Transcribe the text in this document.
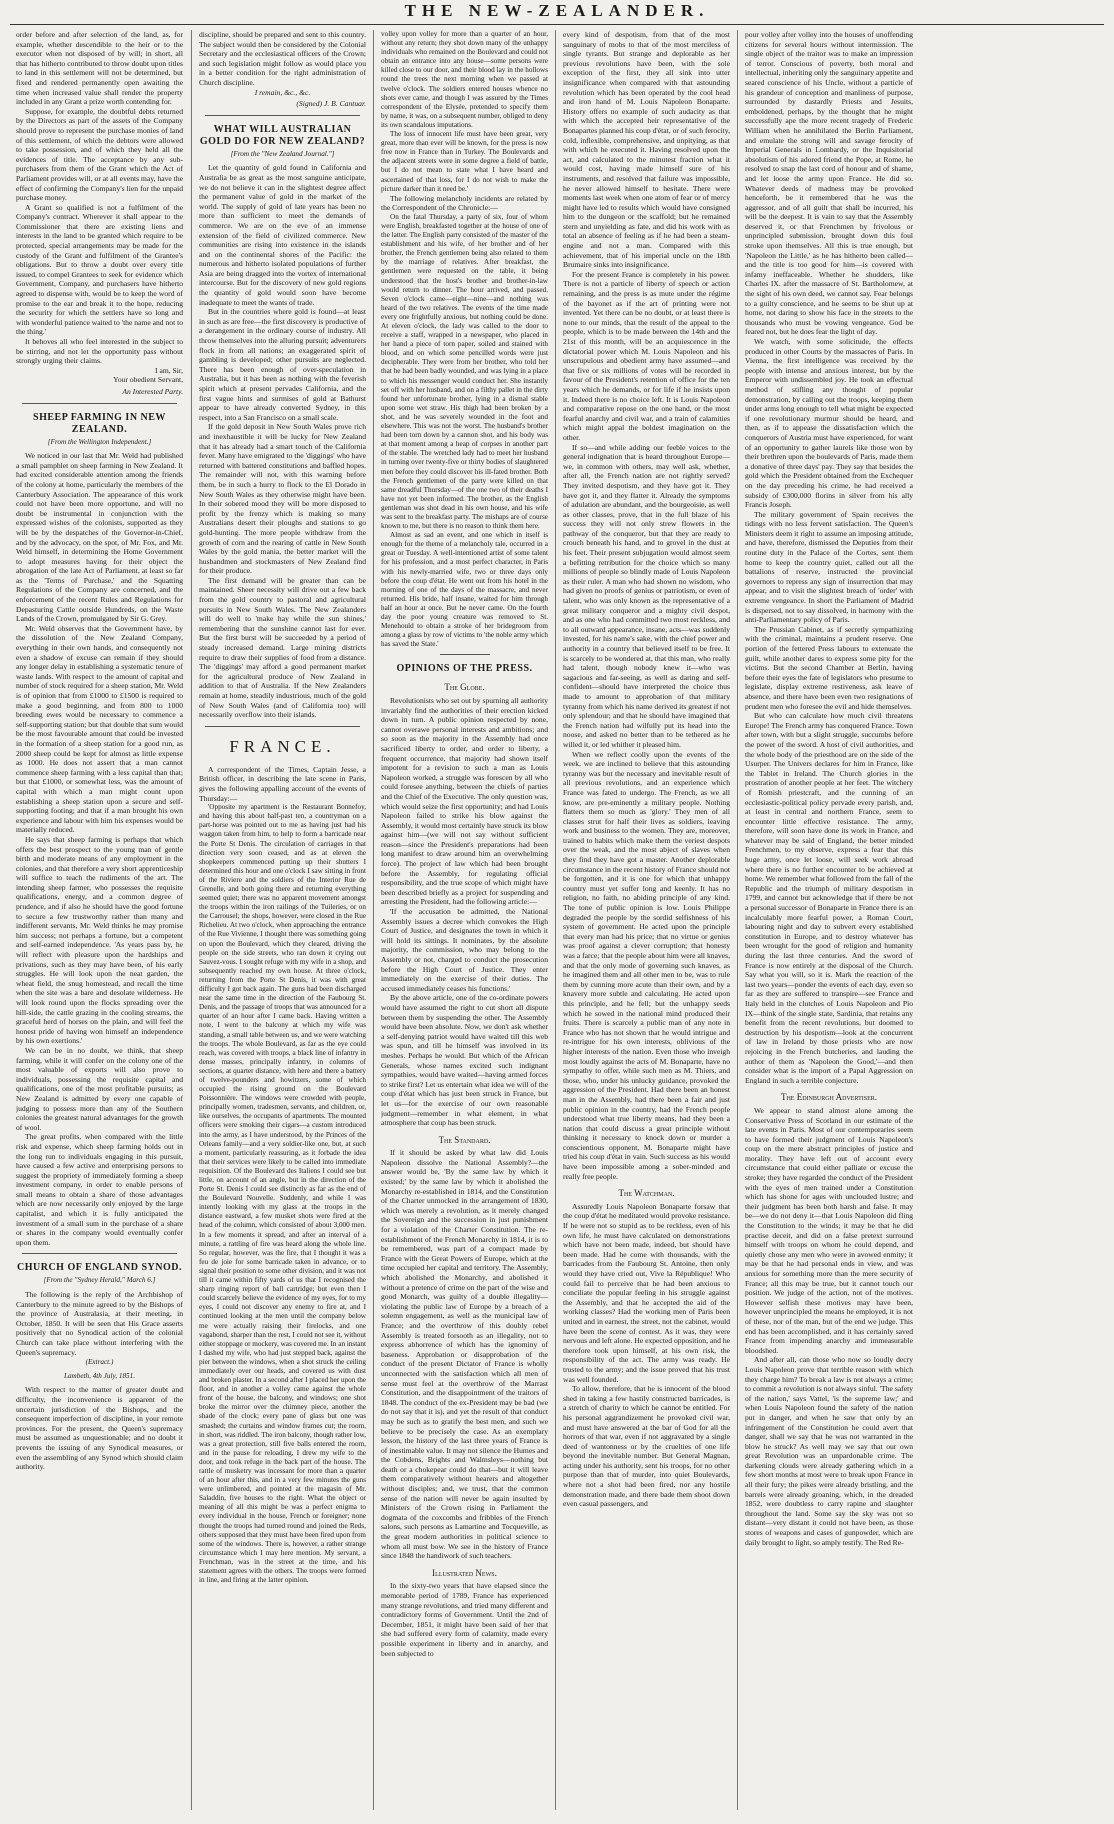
THE NEW-ZEALANDER.

order before and after selection of the land, as, for example, whether descendible to the heir or to the executor when not disposed of by will; in short, all that has hitherto contributed to throw doubt upon titles to land in this settlement will not be determined, but fixed and rendered permanently open awaiting the time when increased value shall render the property included in any Grant a prize worth contending for.

Suppose, for example, the doubtful debts returned by the Directors as part of the assets of the Company should prove to represent the purchase monies of land of this settlement, of which the debtors were allowed to take possession, and of which they held all the evidences of title. The acceptance by any sub-purchasers from them of the Grant which the Act of Parliament provides will, or at all events may, have the effect of confirming the Company's lien for the unpaid purchase money.

A Grant so qualified is not a fulfilment of the Company's contract. Wherever it shall appear to the Commissioner that there are existing liens and interests in the land to be granted which require to be protected, special arrangements may be made for the custody of the Grant and fulfilment of the Grantee's obligations. But to throw a doubt over every title issued, to compel Grantees to seek for evidence which Government, Company, and purchasers have hitherto agreed to dispense with, would be to keep the word of promise to the ear and break it to the hope, reducing the security for which the settlers have so long and with wonderful patience waited to 'the name and not to the thing.'

It behoves all who feel interested in the subject to be stirring, and not let the opportunity pass without strongly urging their claims.

I am, Sir,
Your obedient Servant,
An Interested Party.
SHEEP FARMING IN NEW ZEALAND.
[From the Wellington Independent.]

We noticed in our last that Mr. Weld had published a small pamphlet on sheep farming in New Zealand. It had excited considerable attention among the friends of the colony at home, particularly the members of the Canterbury Association. The appearance of this work could not have been more opportune, and will no doubt be instrumental in conjunction with the expressed wishes of the colonists, supported as they will be by the despatches of the Governor-in-Chief, and by the advocacy, on the spot, of Mr. Fox, and Mr. Weld himself, in determining the Home Government to adopt measures having for their object the abrogation of the late Act of Parliament, at least so far as the 'Terms of Purchase,' and the Squatting Regulations of the Company are concerned, and the enforcement of the recent Rules and Regulations for Depasturing Cattle outside Hundreds, on the Waste Lands of the Crown, promulgated by Sir G. Grey.

Mr. Weld observes that the Government have, by the dissolution of the New Zealand Company, everything in their own hands, and consequently not even a shadow of excuse can remain if they should any longer delay in establishing a systematic tenure of waste lands. With respect to the amount of capital and number of stock required for a sheep station, Mr. Weld is of opinion that from £1000 to £1500 is required to make a good beginning, and from 800 to 1000 breeding ewes would be necessary to commence a self-supporting station; but that double that sum would be the most favourable amount that could be invested in the formation of a sheep station for a good run, as 2000 sheep could be kept for almost as little expense as 1000. He does not assert that a man cannot commence sheep farming with a less capital than that; but that £1000, or somewhat less, was the amount of capital with which a man might count upon establishing a sheep station upon a secure and self-supporting footing; and that if a man brought his own experience and labour with him his expenses would be materially reduced.

He says that sheep farming is perhaps that which offers the best prospect to the young man of gentle birth and moderate means of any employment in the colonies, and that therefore a very short apprenticeship will suffice to teach the rudiments of the art. The intending sheep farmer, who possesses the requisite qualifications, energy, and a common degree of prudence, and if also he should have the good fortune to secure a few trustworthy rather than many and indifferent servants, Mr. Weld thinks he may promise him success; not perhaps a fortune, but a competent and self-earned independence. 'As years pass by, he will reflect with pleasure upon the hardships and privations, such as they may have been, of his early struggles. He will look upon the neat garden, the wheat field, the snug homestead, and recall the time when the site was a bare and desolate wilderness. He will look round upon the flocks spreading over the hill-side, the cattle grazing in the cooling streams, the graceful herd of horses on the plain, and will feel the honest pride of having won himself an independence by his own exertions.'

We can be in no doubt, we think, that sheep farming, while it will confer on the colony one of the most valuable of exports will also prove to individuals, possessing the requisite capital and qualifications, one of the most profitable pursuits; as New Zealand is admitted by every one capable of judging to possess more than any of the Southern colonies the greatest natural advantages for the growth of wool.

The great profits, when compared with the little risk and expense, which sheep farming holds out in the long run to individuals engaging in this pursuit, have caused a few active and enterprising persons to suggest the propriety of immediately forming a sheep investment company, in order to enable persons of small means to obtain a share of those advantages which are now necessarily only enjoyed by the large capitalist, and which it is fully anticipated the investment of a small sum in the purchase of a share or shares in the company would eventually confer upon them.

CHURCH OF ENGLAND SYNOD.
[From the "Sydney Herald," March 6.]

The following is the reply of the Archbishop of Canterbury to the minute agreed to by the Bishops of the province of Australasia, at their meeting, in October, 1850. It will be seen that His Grace asserts positively that no Synodical action of the colonial Church can take place without interfering with the Queen's supremacy.

(Extract.)
Lambeth, 4th July, 1851.

With respect to the matter of greater doubt and difficulty, the inconvenience is apparent of the uncertain jurisdiction of the Bishops, and the consequent imperfection of discipline, in your remote provinces. For the present, the Queen's supremacy must be assumed as unquestionable; and no doubt it prevents the issuing of any Synodical measures, or even the assembling of any Synod which should claim authority.

discipline, should be prepared and sent to this country. The subject would then be considered by the Colonial Secretary and the ecclesiastical officers of the Crown; and such legislation might follow as would place you in a better condition for the right administration of Church discipline.

I remain, &c., &c.
(Signed) J. B. Cantuar.
WHAT WILL AUSTRALIAN GOLD DO FOR NEW ZEALAND?
[From the "New Zealand Journal."]

Let the quantity of gold found in California and Australia be as great as the most sanguine anticipate, we do not believe it can in the slightest degree affect the permanent value of gold in the market of the world. The supply of gold of late years has been no more than sufficient to meet the demands of commerce. We are on the eve of an immense extension of the field of civilized commerce. New communities are rising into existence in the islands and on the continental shores of the Pacific: the numerous and hitherto isolated populations of further Asia are being dragged into the vortex of international intercourse. But for the discovery of new gold regions the quantity of gold would soon have become inadequate to meet the wants of trade.

But in the countries where gold is found—at least in such as are free—the first discovery is productive of a derangement in the ordinary course of industry. All throw themselves into the alluring pursuit; adventurers flock in from all nations; an exaggerated spirit of gambling is developed; other pursuits are neglected. There has been enough of over-speculation in Australia, but it has been as nothing with the feverish spirit which at present pervades California, and the first vague hints and surmises of gold at Bathurst appear to have already converted Sydney, in this respect, into a San Francisco on a small scale.

If the gold deposit in New South Wales prove rich and inexhaustible it will be lucky for New Zealand that it has already had a smart touch of the California fever. Many have emigrated to the 'diggings' who have returned with battered constitutions and baffled hopes. The remainder will not, with this warning before them, be in such a hurry to flock to the El Dorado in New South Wales as they otherwise might have been. In their sobered mood they will be more disposed to profit by the frenzy which is making so many Australians desert their ploughs and stations to go gold-hunting. The more people withdraw from the growth of corn and the rearing of cattle in New South Wales by the gold mania, the better market will the husbandmen and stockmasters of New Zealand find for their produce.

The first demand will be greater than can be maintained. Sheer necessity will drive out a few back from the gold country to pastoral and agricultural pursuits in New South Wales. The New Zealanders will do well to 'make hay while the sun shines,' remembering that the sunshine cannot last for ever. But the first burst will be succeeded by a period of steady increased demand. Large mining districts require to draw their supplies of food from a distance. The 'diggings' may afford a good permanent market for the agricultural produce of New Zealand in addition to that of Australia. If the New Zealanders remain at home, steadily industrious, much of the gold of New South Wales (and of California too) will necessarily overflow into their islands.

FRANCE.

A correspondent of the Times, Captain Jesse, a British officer, in describing the late scene in Paris, gives the following appalling account of the events of Thursday:—

'Opposite my apartment is the Restaurant Bonnefoy, and having this about half-past ten, a countryman on a part-horse was pointed out to me as having just had his waggon taken from him, to help to form a barricade near the Porte St Denis. The circulation of carriages in that direction very soon ceased, and as at eleven the shopkeepers commenced putting up their shutters I determined this hour and one o'clock I saw sitting in front of the Riviere and the soldiers of the Interior Rue de Grenelle, and both going there and returning everything seemed quiet; there was no apparent movement amongst the troops within the iron railings of the Tuileries, or on the Carrousel; the shops, however, were closed in the Rue Richelieu. At two o'clock, when approaching the entrance of the Rue Vivienne, I thought there was something going on upon the Boulevard, which they cleared, driving the people on the side streets, who ran down it crying out Sauvez-vous. I sought refuge with my wife in a shop, and subsequently reached my own house. At three o'clock, returning from the Porte St Denis, it was with great difficulty I got back again. The guns had been discharged near the same time in the direction of the Faubourg St. Denis, and the passage of troops that was announced for a quarter of an hour after I came back. Having written a note, I went to the balcony at which my wife was standing, a small table between us, and we were watching the troops. The whole Boulevard, as far as the eye could reach, was covered with troops, a black line of infantry in dense masses, principally infantry, in columns of sections, at quarter distance, with here and there a battery of twelve-pounders and howitzers, some of which occupied the rising ground on the Boulevard Poissonnière. The windows were crowded with people, principally women, tradesmen, servants, and children, or, like ourselves, the occupants of apartments. The mounted officers were smoking their cigars—a custom introduced into the army, as I have understood, by the Princes of the Orleans family—and a very soldier-like one, but, at such a moment, particularly reassuring, as it forbade the idea that their services were likely to be called into immediate requisition. Of the Boulevard des Italiens I could see but little, on account of an angle, but in the direction of the Porte St. Denis I could see distinctly as far as the end of the Boulevard Nouvelle. Suddenly, and while I was intently looking with my glass at the troops in the distance eastward, a few musket shots were fired at the head of the column, which consisted of about 3,000 men. In a few moments it spread, and after an interval of a minute, a rattling of fire was heard along the whole line. So regular, however, was the fire, that I thought it was a feu de joie for some barricade taken in advance, or to signal their position to some other division, and it was not till it came within fifty yards of us that I recognised the sharp ringing report of ball cartridge; but even then I could scarcely believe the evidence of my eyes, for to my eyes, I could not discover any enemy to fire at, and I continued looking at the men until the company below me were actually raising their firelocks, and one vagabond, sharper than the rest, I could not see it, without either stoppage or mockery, was covered me. In an instant I dashed my wife, who had just stepped back, against the pier between the windows, when a shot struck the ceiling immediately over our heads, and covered us with dust and broken plaster. In a second after I placed her upon the floor, and in another a volley came against the whole front of the house, the balcony, and windows; one shot broke the mirror over the chimney piece, another the shade of the clock; every pane of glass but one was smashed; the curtains and window frames cut; the room, in short, was riddled. The iron balcony, though rather low, was a great protection, still five balls entered the room, and in the pause for reloading, I drew my wife to the door, and took refuge in the back part of the house. The rattle of musketry was incessant for more than a quarter of an hour after this, and in a very few minutes the guns were unlimbered, and pointed at the magasin of Mr. Saladdin, five houses to the right. What the object or meaning of all this might be was a perfect enigma to every individual in the house, French or foreigner; none thought the troops had turned round and joined the Reds, others supposed that they must have been fired upon from some of the windows. There is, however, a rather strange circumstance which I may here mention. My servant, a Frenchman, was in the street at the time, and his statement agrees with the others. The troops were formed in line, and firing at the latter opinion.

volley upon volley for more than a quarter of an hour, without any return; they shot down many of the unhappy individuals who remained on the Boulevard and could not obtain an entrance into any house—some persons were killed close to our door, and their blood lay in the hollows round the trees the next morning when we passed at twelve o'clock. The soldiers entered houses whence no shots ever came, and though I was assured by the Times correspondent of the Elysée, pretended to specify them by name, it was, on a subsequent number, obliged to deny its own scandalous imputations.

The loss of innocent life must have been great, very great, more than ever will be known, for the press is now free now in France than in Turkey. The Boulevards and the adjacent streets were in some degree a field of battle, but I do not mean to state what I have heard and ascertained of that loss, for I do not wish to make the picture darker than it need be.'

The following melancholy incidents are related by the Correspondent of the Chronicle:—

On the fatal Thursday, a party of six, four of whom were English, breakfasted together at the house of one of the latter. The English party consisted of the master of the establishment and his wife, of her brother and of her brother, the French gentlemen being also related to them by the marriage of relatives. After breakfast, the gentlemen were requested on the table, it being understood that the host's brother and brother-in-law would return to dinner. The hour arrived, and passed. Seven o'clock came—eight—nine—and nothing was heard of the two relatives. The events of the time made every one frightfully anxious, but nothing could be done. At eleven o'clock, the lady was called to the door to receive a staff, wrapped in a newspaper, who placed in her hand a piece of torn paper, soiled and stained with blood, and on which some pencilled words were just decipherable. They were from her brother, who told her that he had been badly wounded, and was lying in a place to which his messenger would conduct her. She instantly set off with her husband, and on a filthy pallet in the dirty found her unfortunate brother, lying in a dismal stable upon some wet straw. His thigh had been broken by a shot, and he was severely wounded in the foot and elsewhere. This was not the worst. The husband's brother had been torn down by a cannon shot, and his body was at that moment among a heap of corpses in another part of the stable. The wretched lady had to meet her husband in turning over twenty-five or thirty bodies of slaughtered men before they could discover his ill-fated brother. Both the French gentlemen of the party were killed on that same dreadful Thursday—of the one two of their deaths I have not yet been informed. The brother, as the English gentleman was shot dead in his own house, and his wife was sent to the breakfast party. The mishaps are of course known to me, but there is no reason to think them here.

Almost as sad an event, and one which in itself is enough for the theme of a melancholy tale, occurred in a great or Tuesday. A well-intentioned artist of some talent for his profession, and a most perfect character, in Paris with his newly-married wife, two or three days only before the coup d'état. He went out from his hotel in the morning of one of the days of the massacre, and never returned. His bride, half insane, waited for him through half an hour at once. But he never came. On the fourth day the poor young creature was removed to St. Menehould to obtain a stroke of her bridegroom from among a glass by row of victims to 'the noble army which has saved the State.'

OPINIONS OF THE PRESS.
The Globe.

Revolutionists who set out by spurning all authority invariably find the authorities of their erection kicked down in turn. A public opinion respected by none, cannot overawe personal interests and ambitions; and so soon as the majority in the Assembly had once sacrificed liberty to order, and order to liberty, a frequent occurrence, that majority had shown itself impotent for a revision to such a man as Louis Napoleon worked, a struggle was forescen by all who could foresee anything, between the chiefs of parties and the Chief of the Executive. The only question was, which would seize the first opportunity; and had Louis Napoleon failed to strike his blow against the Assembly, it would most certainly have struck its blow against him—(we will not say without sufficient reason—since the President's preparations had been long manifest to draw around him an overwhelming force). The project of law which had been brought before the Assembly, for regulating official responsibility, and the true scope of which might have been described briefly as a project for suspending and arresting the President, had the following article:—

'If the accusation be admitted, the National Assembly issues a decree which convokes the High Court of Justice, and designates the town in which it will hold its sittings. It nominates, by the absolute majority, the commission, who may belong to the Assembly or not, charged to conduct the prosecution before the High Court of Justice. They enter immediately on the exercise of their duties. The accused immediately ceases his functions.'

By the above article, one of the co-ordinate powers would have assumed the right to cut short all dispute between them by suspending the other. The Assembly would have been absolute. Now, we don't ask whether a self-denying patriot would have waited till this web was spun, and till he himself was involved in its meshes. Perhaps he would. But which of the African Generals, whose names excited such indignant sympathies, would have waited—having armed forces to strike first? Let us entertain what idea we will of the coup d'état which has just been struck in France, but let us—for the exercise of our own reasonable judgment—remember in what element, in what atmosphere that coup has been struck.

The Standard.

If it should be asked by what law did Louis Napoleon dissolve the National Assembly?—the answer would be, 'By the same law by which it existed;' by the same law by which it abolished the Monarchy re-established in 1814, and the Constitution of the Charter unmocked in the arrangement of 1830, which was merely a revolution, as it merely changed the Sovereign and the succession in just punishment for a violation of the Charter Constitution. The re-establishment of the French Monarchy in 1814, it is to be remembered, was part of a compact made by France with the Great Powers of Europe, which at the time occupied her capital and territory. The Assembly, which abolished the Monarchy, and abolished it without a pretence of crime on the part of the wise and good Monarch, was guilty of a double illegality—violating the public law of Europe by a breach of a solemn engagement, as well as the municipal law of France; and the overthrow of this doubly rebel Assembly is treated forsooth as an illegality, not to express abhorrence of which has the ignominy of baseness. Approbation or disapprobation of the conduct of the present Dictator of France is wholly unconnected with the satisfaction which all men of sense must feel at the overthrow of the Marrast Constitution, and the disappointment of the traitors of 1848. The conduct of the ex-President may be bad (we do not say that it is), and yet the result of that conduct may be such as to gratify the best men, and such we believe to be precisely the case. As an exemplary lesson, the history of the last three years of France is of inestimable value. It may not silence the Humes and the Cobdens, Brights and Walmsleys—nothing but death or a chokepear could do that—but it will leave them comparatively without hearers and altogether without disciples; and, we trust, that the common sense of the nation will never be again insulted by Ministers of the Crown rising in Parliament the dogmata of the coxcombs and fribbles of the French salons, such persons as Lamartine and Tocqueville, as the great modern authorities in political science to whom all must bow. We see in the history of France since 1848 the handiwork of such teachers.

Illustrated News.

In the sixty-two years that have elapsed since the memorable period of 1789, France has experienced many strange revolutions, and tried many different and contradictory forms of Government. Until the 2nd of December, 1851, it might have been said of her that she had suffered every form of calamity, made every possible experiment in liberty and in anarchy, and been subjected to

every kind of despotism, from that of the most sanguinary of mobs to that of the most merciless of single tyrants. But strange and deplorable as her previous revolutions have been, with the sole exception of the first, they all sink into utter insignificance when compared with that astounding revolution which has been operated by the cool head and iron hand of M. Louis Napoleon Bonaparte. History offers no example of such audacity as that with which the accepted heir representative of the Bonapartes planned his coup d'état, or of such ferocity, cold, inflexible, comprehensive, and unpitying, as that with which he executed it. Having resolved upon the act, and calculated to the minutest fraction what it would cost, having made himself sure of his instruments, and resolved that failure was impossible, he never allowed himself to hesitate. There were moments last week when one atom of fear or of mercy might have led to results which would have consigned him to the dungeon or the scaffold; but he remained stern and unyielding as fate, and did his work with as total an absence of feeling as if he had been a steam-engine and not a man. Compared with this achievement, that of his imperial uncle on the 18th Brumaire sinks into insignificance.

For the present France is completely in his power. There is not a particle of liberty of speech or action remaining, and the press is as mute under the régime of the bayonet as if the art of printing were not invented. Yet there can be no doubt, or at least there is none to our minds, that the result of the appeal to the people, which is to be made between the 14th and the 21st of this month, will be an acquiescence in the dictatorial power which M. Louis Napoleon and his unscrupulous and obedient army have assumed—and that five or six millions of votes will be recorded in favour of the President's retention of office for the ten years which he demands, or for life if he insists upon it. Indeed there is no choice left. It is Louis Napoleon and comparative repose on the one hand, or the most fearful anarchy and civil war, and a train of calamities which might appal the boldest imagination on the other.

If so—and while adding our feeble voices to the general indignation that is heard throughout Europe—we, in common with others, may well ask, whether, after all, the French nation are not rightly served? They invited despotism, and they have got it. They have got it, and they flatter it. Already the symptoms of adulation are abundant, and the bourgeoisie, as well as other classes, prove, that in the full blaze of his success they will not only strew flowers in the pathway of the conqueror, but that they are ready to crouch beneath his hand, and to grovel in the dust at his feet. Their present subjugation would almost seem a befitting retribution for the choice which so many millions of people so blindly made of Louis Napoleon as their ruler. A man who had shown no wisdom, who had given no proofs of genius or patriotism, or even of talent, who was only known as the representative of a great military conqueror and a mighty civil despot, and as one who had committed two most reckless, and to all outward appearance, insane, acts—was suddenly invested, for his name's sake, with the chief power and authority in a country that believed itself to be free. It is scarcely to be wondered at, that this man, who really had talent, though nobody knew it—who was sagacious and far-seeing, as well as daring and self-confident—should have interpreted the choice thus made to amount to approbation of that military tyranny from which his name derived its greatest if not only splendour; and that he should have imagined that the French nation had wilfully put its head into the noose, and asked no better than to be tethered as he willed it, or led whither it pleased him.

When we reflect coolly upon the events of the week, we are inclined to believe that this astounding tyranny was but the necessary and inevitable result of all previous revolutions, and an experience which France was fated to undergo. The French, as we all know, are pre-eminently a military people. Nothing flatters them so much as 'glory.' They men of all classes strut for half their lives as soldiers, leaving work and business to the women. They are, moreover, trained to habits which make them the veriest despots over the weak, and the most abject of slaves when they find they have got a master. Another deplorable circumstance in the recent history of France should not be forgotten, and it is one for which that unhappy country must yet suffer long and keenly. It has no religion, no faith, no abiding principle of any kind. The tone of public opinion is low. Louis Philippe degraded the people by the sordid selfishness of his system of government. He acted upon the principle that every man had his price; that no virtue or genius was proof against a clever corruption; that honesty was a farce; that the people about him were all knaves, and that the only mode of governing such knaves, as he imagined them and all other men to be, was to rule them by cunning more acute than their own, and by a knavery more subtle and calculating. He acted upon this principle, and he fell; but the unhappy seeds which he sowed in the national mind produced their fruits. There is scarcely a public man of any note in France who has not shown that he would intrigue and re-intrigue for his own interests, oblivious of the higher interests of the nation. Even those who inveigh most loudly against the acts of M. Bonaparte, have no sympathy to offer, while such men as M. Thiers, and those, who, under his unlucky guidance, provoked the aggression of the President. Had there been an honest man in the Assembly, had there been a fair and just public opinion in the country, had the French people understood what true liberty means, had they been a nation that could discuss a great principle without thinking it necessary to knock down or murder a conscientious opponent, M. Bonaparte might have tried his coup d'état in vain. Such success as his would have been impossible among a sober-minded and really free people.

The Watchman.

Assuredly Louis Napoleon Bonaparte forsaw that the coup d'état he meditated would provoke resistance. If he were not so stupid as to be reckless, even of his own life, he must have calculated on demonstrations which have not been made, indeed, but should have been made. Had he come with thousands, with the barricades from the Faubourg St. Antoine, then only would they have cried out, Vive la République! Who could fail to perceive that he had been anxious to conciliate the popular feeling in his struggle against the Assembly, and that he accepted the aid of the working classes? Had the working men of Paris been united and in earnest, the street, not the cabinet, would have been the scene of contest. As it was, they were nervous and left alone. He expected opposition, and he therefore took upon himself, at his own risk, the responsibility of the act. The army was ready. He trusted to the army; and the issue proved that his trust was well founded.

To allow, therefore, that he is innocent of the blood shed in taking a few hastily constructed barricades, is a stretch of charity to which he cannot be entitled. For his personal aggrandizement he provoked civil war, and must have answered at the bar of God for all the horrors of that war, even if not aggravated by a single deed of wantonness or by the cruelties of one life beyond the inevitable number. But General Magnan, acting under his authority, sent his troops, for no other purpose than that of murder, into quiet Boulevards, where not a shot had been fired, nor any hostile demonstration made, and there bade them shoot down even casual passengers, and

pour volley after volley into the houses of unoffending citizens for several hours without intermission. The single object of the traitor was to make an impression of terror. Conscious of poverty, both moral and intellectual, inheriting only the sanguinary appetite and seared conscience of his Uncle, without a particle of his grandeur of conception and manliness of purpose, surrounded by dastardly Priests and Jesuits, emboldened, perhaps, by the thought that he might successfully ape the more recent tragedy of Frederic William when he annihilated the Berlin Parliament, and emulate the strong will and savage ferocity of Imperial Generals in Lombardy, or the Inquisitorial absolutism of his adored friend the Pope, at Rome, he resolved to snap the last cord of honour and of shame, and let loose the army upon France. He did so. Whatever deeds of madness may be provoked henceforth, be it remembered that he was the aggressor, and of all guilt that shall be incurred, his will be the deepest. It is vain to say that the Assembly deserved it, or that Frenchmen by frivolous or unprincipled submission, brought down this foul stroke upon themselves. All this is true enough, but 'Napoleon the Little,' as he has hitherto been called—and the title is too good for him—is covered with infamy ineffaceable. Whether he shudders, like Charles IX. after the massacre of St. Bartholomew, at the sight of his own deed, we cannot say. Fear belongs to a guilty conscience, and he seems to be shut up at home, not daring to show his face in the streets to the thousands who must be vowing vengeance. God be feared not, but he does fear the light of day.

We watch, with some solicitude, the effects produced in other Courts by the massacres of Paris. In Vienna, the first intelligence was received by the people with intense and anxious interest, but by the Emperor with undissembled joy. He took an effectual method of stifling any thought of popular demonstration, by calling out the troops, keeping them under arms long enough to tell what might be expected if one revolutionary murmur should be heard, and then, as if to appease the dissatisfaction which the conquerors of Austria must have experienced, for want of an opportunity to gather laurels like those won by their brethren upon the boulevards of Paris, made them a donative of three days' pay. They say that besides the gold which the President obtained from the Exchequer on the day preceding his crime, he had received a subsidy of £300,000 florins in silver from his ally Francis Joseph.

The military government of Spain receives the tidings with no less fervent satisfaction. The Queen's Ministers deem it right to assume an imposing attitude, and have, therefore, dismissed the Deputies from their routine duty in the Palace of the Cortes, sent them home to keep the country quiet, called out all the battalions of reserve, instructed the provincial governors to repress any sign of insurrection that may appear, and to visit the slightest breach of 'order' with extreme vengeance. In short the Parliament of Madrid is dispersed, not to say dissolved, in harmony with the anti-Parliamentary policy of Paris.

The Prussian Cabinet, as if secretly sympathizing with the criminal, maintains a prudent reserve. One portion of the fettered Press labours to extenuate the guilt, while another dares to express some pity for the victims. But the second Chamber at Berlin, having before their eyes the fate of legislators who presume to legislate, display extreme restiveness, ask leave of absence, and there have been even two resignations of prudent men who foresee the evil and hide themselves.

But who can calculate how much civil threatens Europe! The French army has conquered France. Town after town, with but a slight struggle, succumbs before the power of the sword. A host of civil authorities, and the whole body of the priesthood are on the side of the Usurper. The Univers declares for him in France, like the Tablet in Ireland. The Church glories in the prostration of another people at her feet. The witchery of Romish priestcraft, and the cunning of an ecclesiastic-political policy pervade every parish, and, at least in central and northern France, seem to encounter little effective resistance. The army, therefore, will soon have done its work in France, and whatever may be said of England, the better minded Frenchmen, to my observe, express a fear that this huge army, once let loose, will seek work abroad where there is no further encounter to be achieved at home. We remember what followed from the fall of the Republic and the triumph of military despotism in 1799, and cannot but acknowledge that if there be not a personal successor of Bonaparte in France there is an incalculably more fearful power, a Roman Court, labouring night and day to subvert every established constitution in Europe, and to destroy whatever has been wrought for the good of religion and humanity during the last three centuries. And the sword of France is now entirely at the disposal of the Church. Say what you will, so it is. Mark the reaction of the last two years—ponder the events of each day, even so far as they are suffered to transpire—see France and Italy held in the clutches of Louis Napoleon and Pio IX—think of the single state, Sardinia, that retains any benefit from the recent revolutions, but doomed to destruction by his despotism—look at the concurrent of law in Ireland by those priests who are now rejoicing in the French butcheries, and lauding the author of them as 'Napoleon the Good,'—and then consider what is the import of a Papal Aggression on England in such a terrible conjecture.

The Edinburgh Advertiser.

We appear to stand almost alone among the Conservative Press of Scotland in our estimate of the late events in Paris. Most of our contemporaries seem to have formed their judgment of Louis Napoleon's coup on the mere abstract principles of justice and morality. They have left out of account every circumstance that could either palliate or excuse the stroke; they have regarded the conduct of the President with the eyes of men trained under a Constitution which has shone for ages with unclouded lustre; and their judgment has been both harsh and false. It may be—we do not deny it—that Louis Napoleon did fling the Constitution to the winds; it may be that he did practise deceit, and did on a false pretext surround himself with troops on whom he could depend, and quietly chose any men who were in avowed enmity; it may be that he had personal ends in view, and was anxious for something more than the mere security of France; all this may be true, but it cannot touch our position. We judge of the action, not of the motives. However selfish these motives may have been, however unprincipled the means he employed, it is not of these, nor of the man, but of the end we judge. This end has been accomplished, and it has certainly saved France from impending anarchy and immeasurable bloodshed.

And after all, can those who now so loudly decry Louis Napoleon prove that terrible reason with which they charge him? To break a law is not always a crime; to commit a revolution is not always sinful. 'The safety of the nation,' says Vattel, 'is the supreme law;' and when Louis Napoleon found the safety of the nation put in danger, and when he saw that only by an infringement of the Constitution he could avert that danger, shall we say that he was not warranted in the blow he struck? As well may we say that our own great Revolution was an unpardonable crime. The darkening clouds were already gathering which in a few short months at most were to break upon France in all their fury; the pikes were already bristling, and the barrels were already groaning, which, in the dreaded 1852, were doubtless to carry rapine and slaughter throughout the land. Some say the sky was not so distant—very distant it could not have been, as those stores of weapons and cases of gunpowder, which are daily brought to light, so amply testify. The Red Re-
